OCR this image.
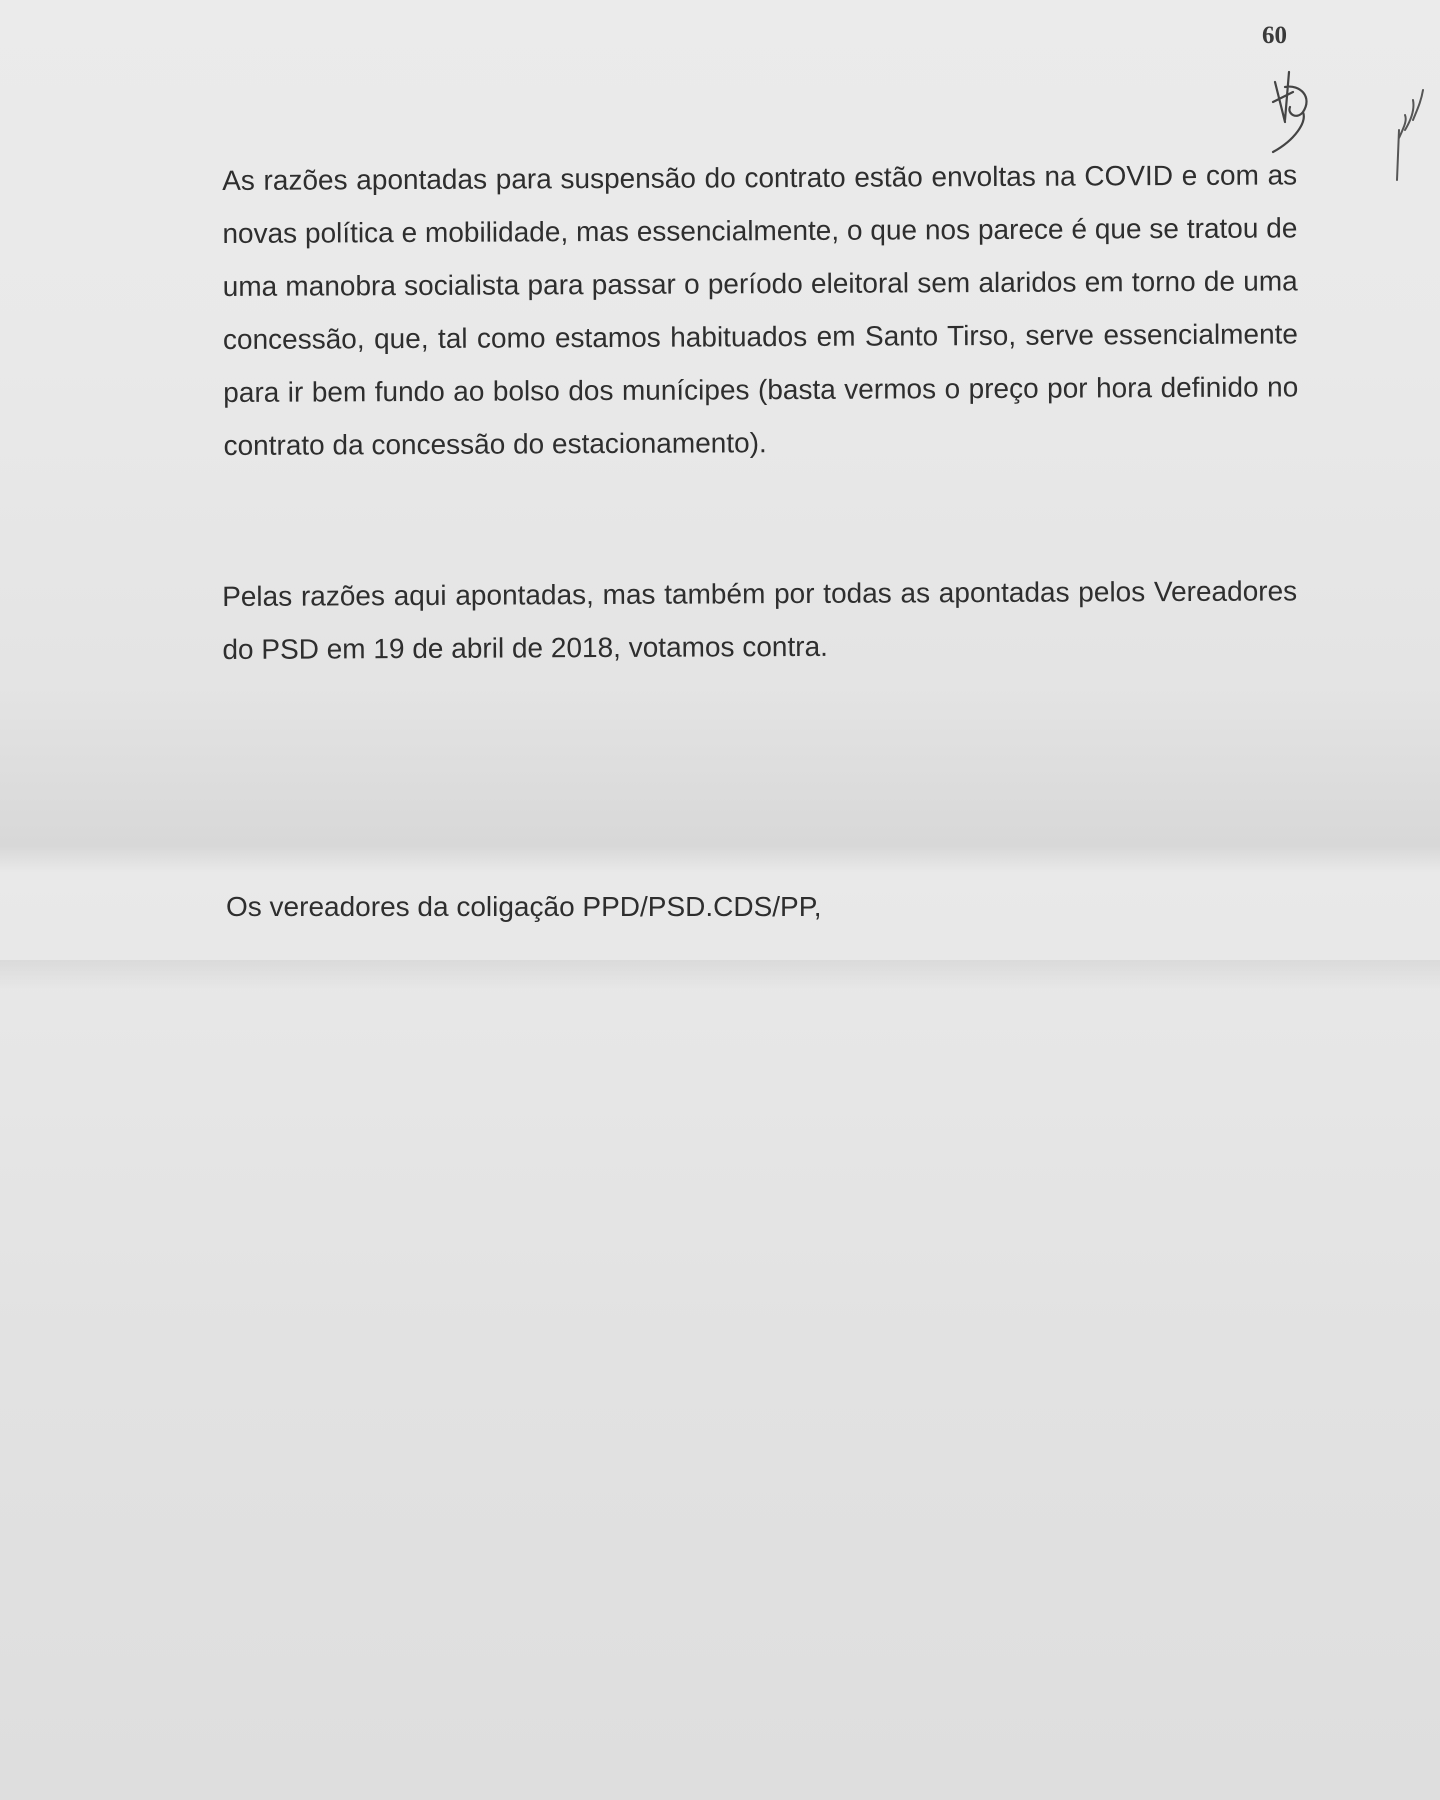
60

As razões apontadas para suspensão do contrato estão envoltas na COVID e com as novas política e mobilidade, mas essencialmente, o que nos parece é que se tratou de uma manobra socialista para passar o período eleitoral sem alaridos em torno de uma concessão, que, tal como estamos habituados em Santo Tirso, serve essencialmente para ir bem fundo ao bolso dos munícipes (basta vermos o preço por hora definido no contrato da concessão do estacionamento).

Pelas razões aqui apontadas, mas também por todas as apontadas pelos Vereadores do PSD em 19 de abril de 2018, votamos contra.

Os vereadores da coligação PPD/PSD.CDS/PP,
